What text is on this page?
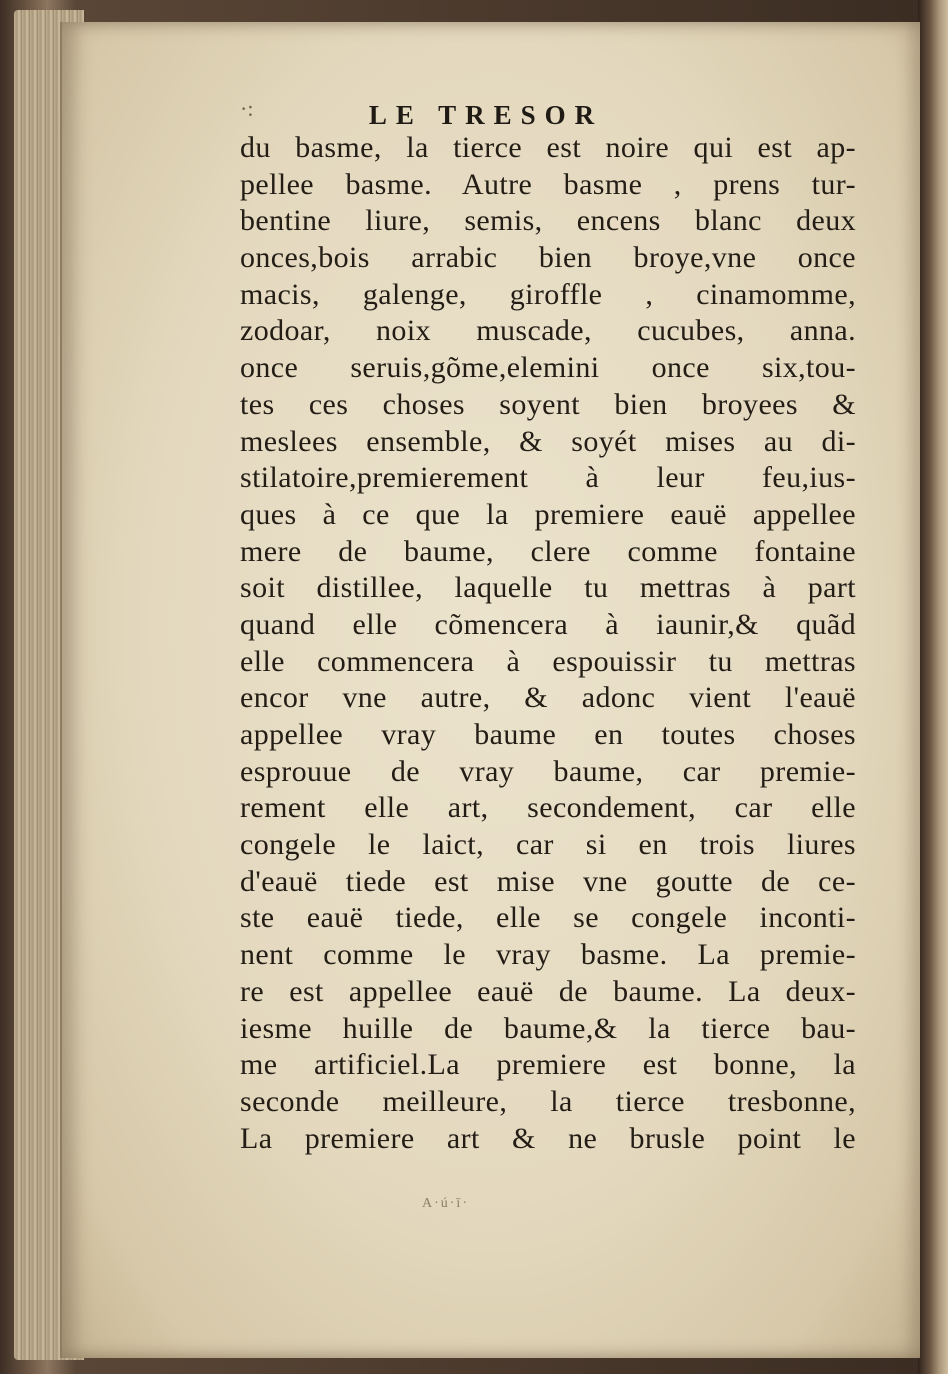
·:	LE TRESOR
du basme, la tierce est noire qui est ap-
pellee basme. Autre basme , prens tur-
bentine liure, semis, encens blanc deux
onces,bois arrabic bien broye,vne once
macis, galenge, giroffle , cinamomme,
zodoar, noix muscade, cucubes, anna.
once seruis,gõme,elemini once six,tou-
tes ces choses soyent bien broyees &
meslees ensemble, & soyét mises au di-
stilatoire,premierement à leur feu,ius-
ques à ce que la premiere eauë appellee
mere de baume, clere comme fontaine
soit distillee, laquelle tu mettras à part
quand elle cõmencera à iaunir,& quãd
elle commencera à espouissir tu mettras
encor vne autre, & adonc vient l'eauë
appellee vray baume en toutes choses
esprouue de vray baume, car premie-
rement elle art, secondement, car elle
congele le laict, car si en trois liures
d'eauë tiede est mise vne goutte de ce-
ste eauë tiede, elle se congele inconti-
nent comme le vray basme. La premie-
re est appellee eauë de baume. La deux-
iesme huille de baume,& la tierce bau-
me artificiel.La premiere est bonne, la
seconde meilleure, la tierce tresbonne,
La premiere art & ne brusle point le
A·ú·ī·
